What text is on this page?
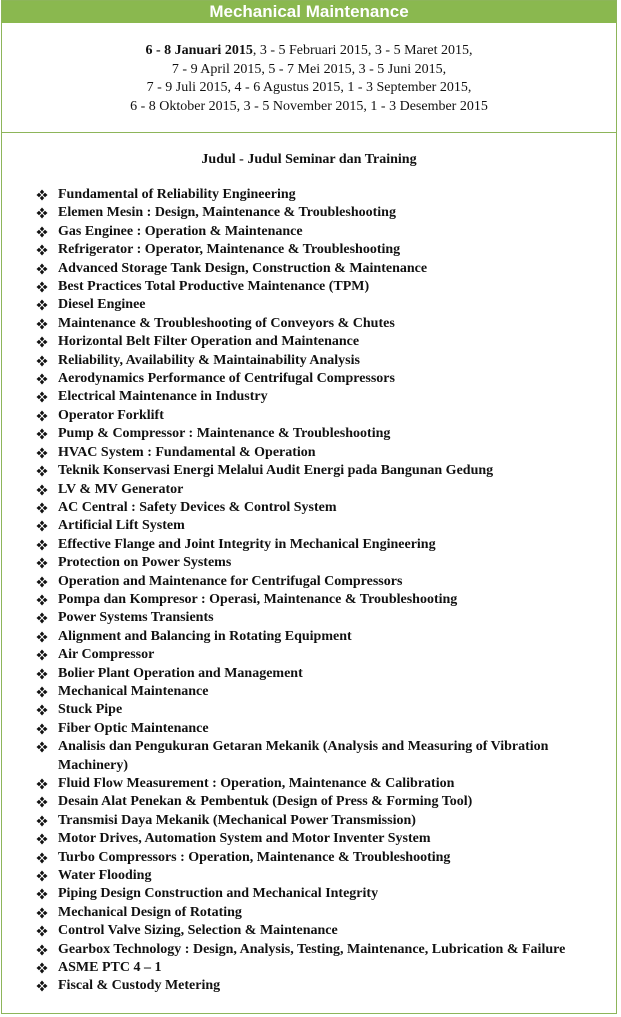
Mechanical Maintenance
6 - 8 Januari 2015, 3 - 5 Februari 2015, 3 - 5 Maret 2015,
7 - 9 April 2015, 5 - 7 Mei 2015, 3 - 5 Juni 2015,
7 - 9 Juli 2015, 4 - 6 Agustus 2015, 1 - 3 September 2015,
6 - 8 Oktober 2015, 3 - 5 November 2015, 1 - 3 Desember 2015
Judul - Judul Seminar dan Training
Fundamental of Reliability Engineering
Elemen Mesin : Design, Maintenance & Troubleshooting
Gas Enginee : Operation & Maintenance
Refrigerator : Operator, Maintenance & Troubleshooting
Advanced Storage Tank Design, Construction & Maintenance
Best Practices Total Productive Maintenance (TPM)
Diesel Enginee
Maintenance & Troubleshooting of Conveyors & Chutes
Horizontal Belt Filter Operation and Maintenance
Reliability, Availability & Maintainability Analysis
Aerodynamics Performance of Centrifugal Compressors
Electrical Maintenance in Industry
Operator Forklift
Pump & Compressor : Maintenance & Troubleshooting
HVAC System : Fundamental & Operation
Teknik Konservasi Energi Melalui Audit Energi pada Bangunan Gedung
LV & MV Generator
AC Central : Safety Devices & Control System
Artificial Lift System
Effective Flange and Joint Integrity in Mechanical Engineering
Protection on Power Systems
Operation and Maintenance for Centrifugal Compressors
Pompa dan Kompresor : Operasi, Maintenance & Troubleshooting
Power Systems Transients
Alignment and Balancing in Rotating Equipment
Air Compressor
Bolier Plant Operation and Management
Mechanical Maintenance
Stuck Pipe
Fiber Optic Maintenance
Analisis dan Pengukuran Getaran Mekanik (Analysis and Measuring of Vibration Machinery)
Fluid Flow Measurement : Operation, Maintenance & Calibration
Desain Alat Penekan & Pembentuk (Design of Press & Forming Tool)
Transmisi Daya Mekanik (Mechanical Power Transmission)
Motor Drives, Automation System and Motor Inventer System
Turbo Compressors : Operation, Maintenance & Troubleshooting
Water Flooding
Piping Design Construction and Mechanical Integrity
Mechanical Design of Rotating
Control Valve Sizing, Selection & Maintenance
Gearbox Technology : Design, Analysis, Testing, Maintenance, Lubrication & Failure
ASME PTC 4 – 1
Fiscal & Custody Metering
